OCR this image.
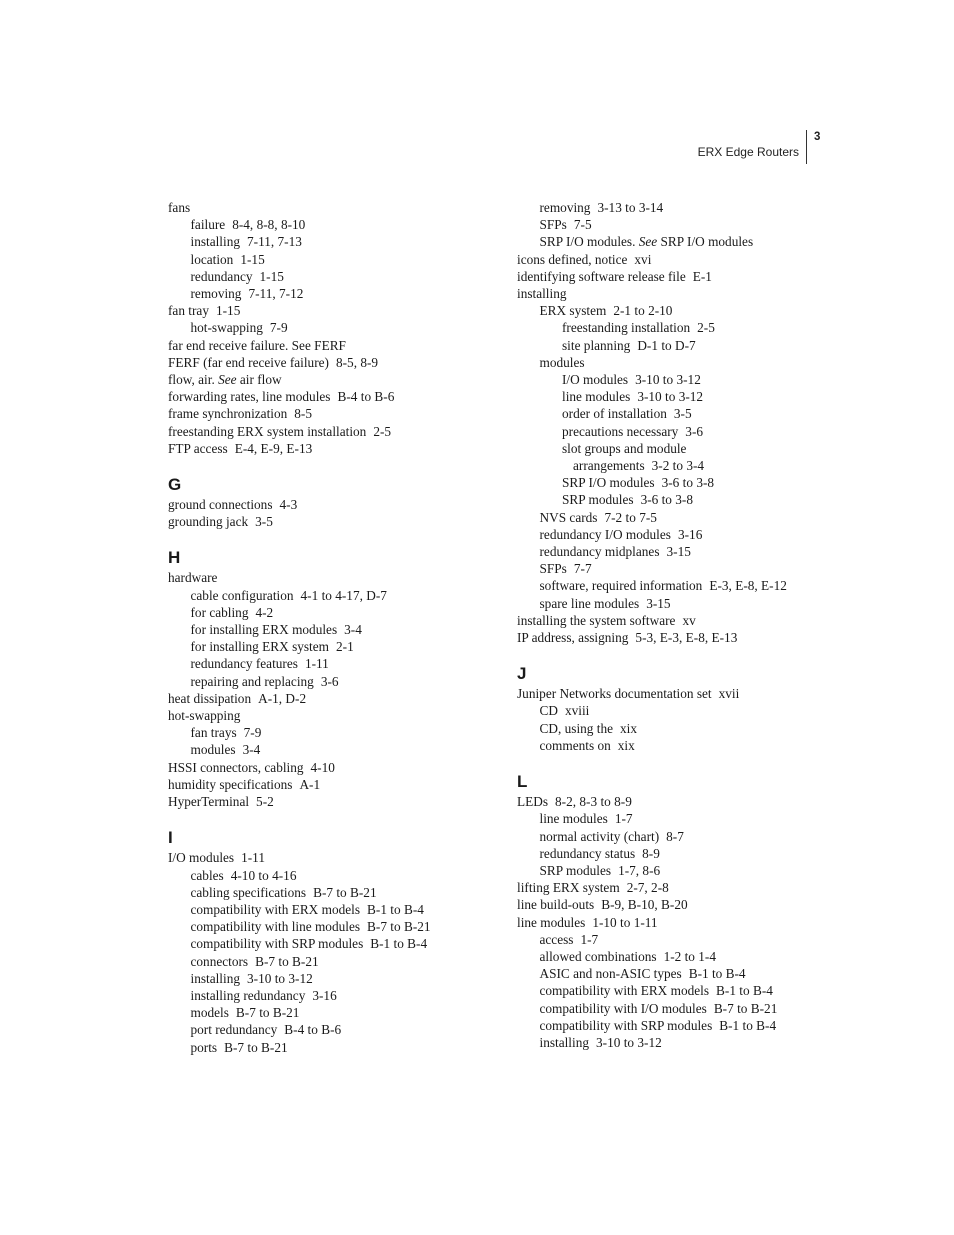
ERX Edge Routers
3
fans
failure 8-4, 8-8, 8-10
installing 7-11, 7-13
location 1-15
redundancy 1-15
removing 7-11, 7-12
fan tray 1-15
hot-swapping 7-9
far end receive failure. See FERF
FERF (far end receive failure) 8-5, 8-9
flow, air. See air flow
forwarding rates, line modules B-4 to B-6
frame synchronization 8-5
freestanding ERX system installation 2-5
FTP access E-4, E-9, E-13
G
ground connections 4-3
grounding jack 3-5
H
hardware
cable configuration 4-1 to 4-17, D-7
for cabling 4-2
for installing ERX modules 3-4
for installing ERX system 2-1
redundancy features 1-11
repairing and replacing 3-6
heat dissipation A-1, D-2
hot-swapping
fan trays 7-9
modules 3-4
HSSI connectors, cabling 4-10
humidity specifications A-1
HyperTerminal 5-2
I
I/O modules 1-11
cables 4-10 to 4-16
cabling specifications B-7 to B-21
compatibility with ERX models B-1 to B-4
compatibility with line modules B-7 to B-21
compatibility with SRP modules B-1 to B-4
connectors B-7 to B-21
installing 3-10 to 3-12
installing redundancy 3-16
models B-7 to B-21
port redundancy B-4 to B-6
ports B-7 to B-21
removing 3-13 to 3-14
SFPs 7-5
SRP I/O modules. See SRP I/O modules
icons defined, notice xvi
identifying software release file E-1
installing
ERX system 2-1 to 2-10
freestanding installation 2-5
site planning D-1 to D-7
modules
I/O modules 3-10 to 3-12
line modules 3-10 to 3-12
order of installation 3-5
precautions necessary 3-6
slot groups and module
arrangements 3-2 to 3-4
SRP I/O modules 3-6 to 3-8
SRP modules 3-6 to 3-8
NVS cards 7-2 to 7-5
redundancy I/O modules 3-16
redundancy midplanes 3-15
SFPs 7-7
software, required information E-3, E-8, E-12
spare line modules 3-15
installing the system software xv
IP address, assigning 5-3, E-3, E-8, E-13
J
Juniper Networks documentation set xvii
CD xviii
CD, using the xix
comments on xix
L
LEDs 8-2, 8-3 to 8-9
line modules 1-7
normal activity (chart) 8-7
redundancy status 8-9
SRP modules 1-7, 8-6
lifting ERX system 2-7, 2-8
line build-outs B-9, B-10, B-20
line modules 1-10 to 1-11
access 1-7
allowed combinations 1-2 to 1-4
ASIC and non-ASIC types B-1 to B-4
compatibility with ERX models B-1 to B-4
compatibility with I/O modules B-7 to B-21
compatibility with SRP modules B-1 to B-4
installing 3-10 to 3-12
